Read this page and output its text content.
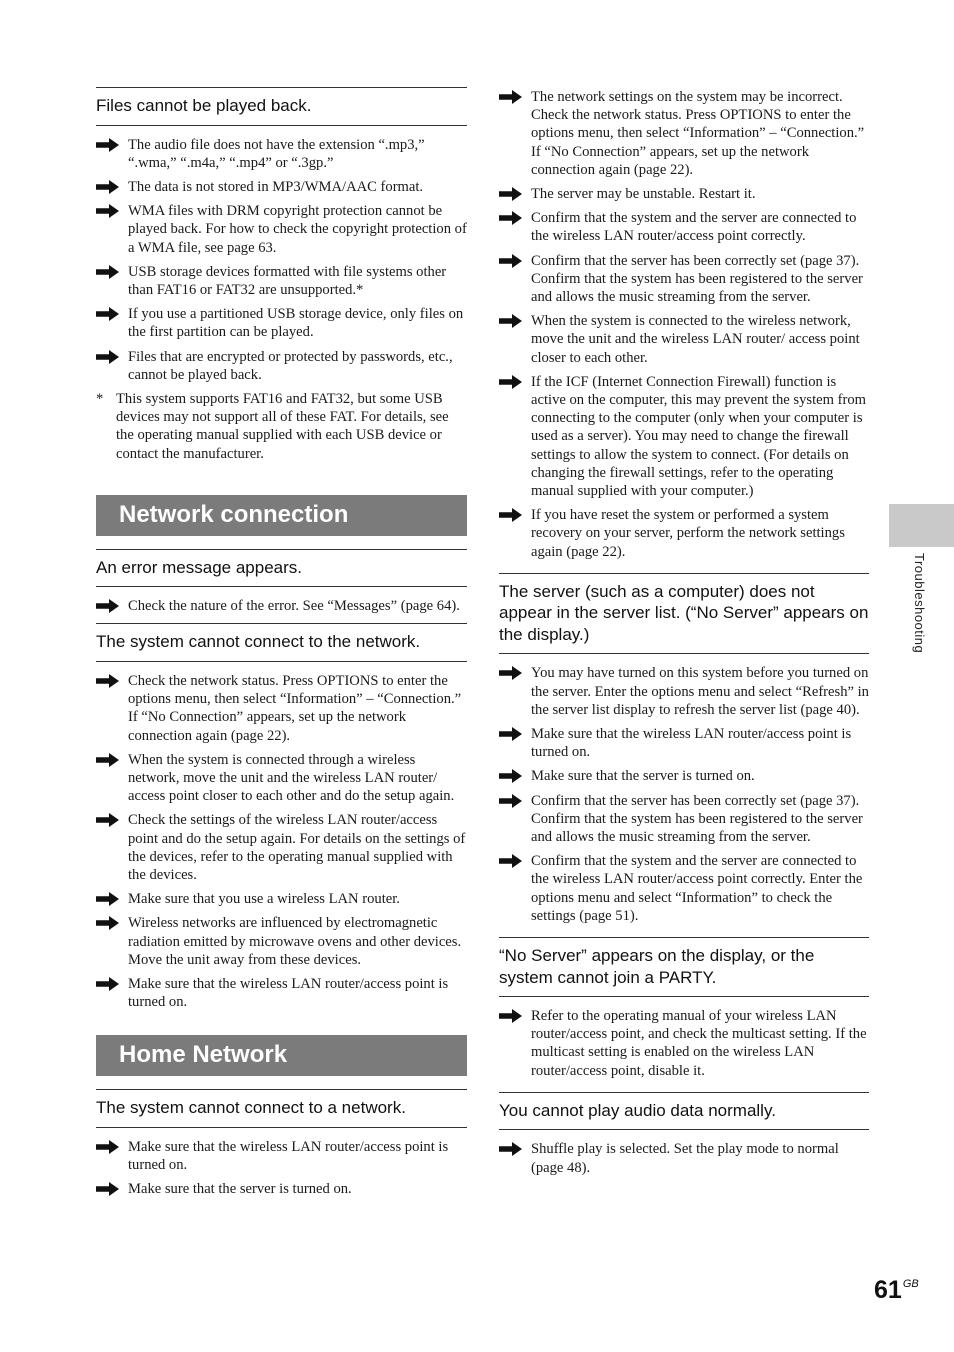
Files cannot be played back.
The audio file does not have the extension “.mp3,” “.wma,” “.m4a,” “.mp4” or “.3gp.”
The data is not stored in MP3/WMA/AAC format.
WMA files with DRM copyright protection cannot be played back. For how to check the copyright protection of a WMA file, see page 63.
USB storage devices formatted with file systems other than FAT16 or FAT32 are unsupported.*
If you use a partitioned USB storage device, only files on the first partition can be played.
Files that are encrypted or protected by passwords, etc., cannot be played back.
* This system supports FAT16 and FAT32, but some USB devices may not support all of these FAT. For details, see the operating manual supplied with each USB device or contact the manufacturer.
Network connection
An error message appears.
Check the nature of the error. See “Messages” (page 64).
The system cannot connect to the network.
Check the network status. Press OPTIONS to enter the options menu, then select “Information” – “Connection.” If “No Connection” appears, set up the network connection again (page 22).
When the system is connected through a wireless network, move the unit and the wireless LAN router/ access point closer to each other and do the setup again.
Check the settings of the wireless LAN router/access point and do the setup again. For details on the settings of the devices, refer to the operating manual supplied with the devices.
Make sure that you use a wireless LAN router.
Wireless networks are influenced by electromagnetic radiation emitted by microwave ovens and other devices. Move the unit away from these devices.
Make sure that the wireless LAN router/access point is turned on.
Home Network
The system cannot connect to a network.
Make sure that the wireless LAN router/access point is turned on.
Make sure that the server is turned on.
The network settings on the system may be incorrect. Check the network status. Press OPTIONS to enter the options menu, then select “Information” – “Connection.” If “No Connection” appears, set up the network connection again (page 22).
The server may be unstable. Restart it.
Confirm that the system and the server are connected to the wireless LAN router/access point correctly.
Confirm that the server has been correctly set (page 37). Confirm that the system has been registered to the server and allows the music streaming from the server.
When the system is connected to the wireless network, move the unit and the wireless LAN router/ access point closer to each other.
If the ICF (Internet Connection Firewall) function is active on the computer, this may prevent the system from connecting to the computer (only when your computer is used as a server). You may need to change the firewall settings to allow the system to connect. (For details on changing the firewall settings, refer to the operating manual supplied with your computer.)
If you have reset the system or performed a system recovery on your server, perform the network settings again (page 22).
The server (such as a computer) does not appear in the server list. (“No Server” appears on the display.)
You may have turned on this system before you turned on the server. Enter the options menu and select “Refresh” in the server list display to refresh the server list (page 40).
Make sure that the wireless LAN router/access point is turned on.
Make sure that the server is turned on.
Confirm that the server has been correctly set (page 37). Confirm that the system has been registered to the server and allows the music streaming from the server.
Confirm that the system and the server are connected to the wireless LAN router/access point correctly. Enter the options menu and select “Information” to check the settings (page 51).
“No Server” appears on the display, or the system cannot join a PARTY.
Refer to the operating manual of your wireless LAN router/access point, and check the multicast setting. If the multicast setting is enabled on the wireless LAN router/access point, disable it.
You cannot play audio data normally.
Shuffle play is selected. Set the play mode to normal (page 48).
Troubleshooting
$61^{GB}$
